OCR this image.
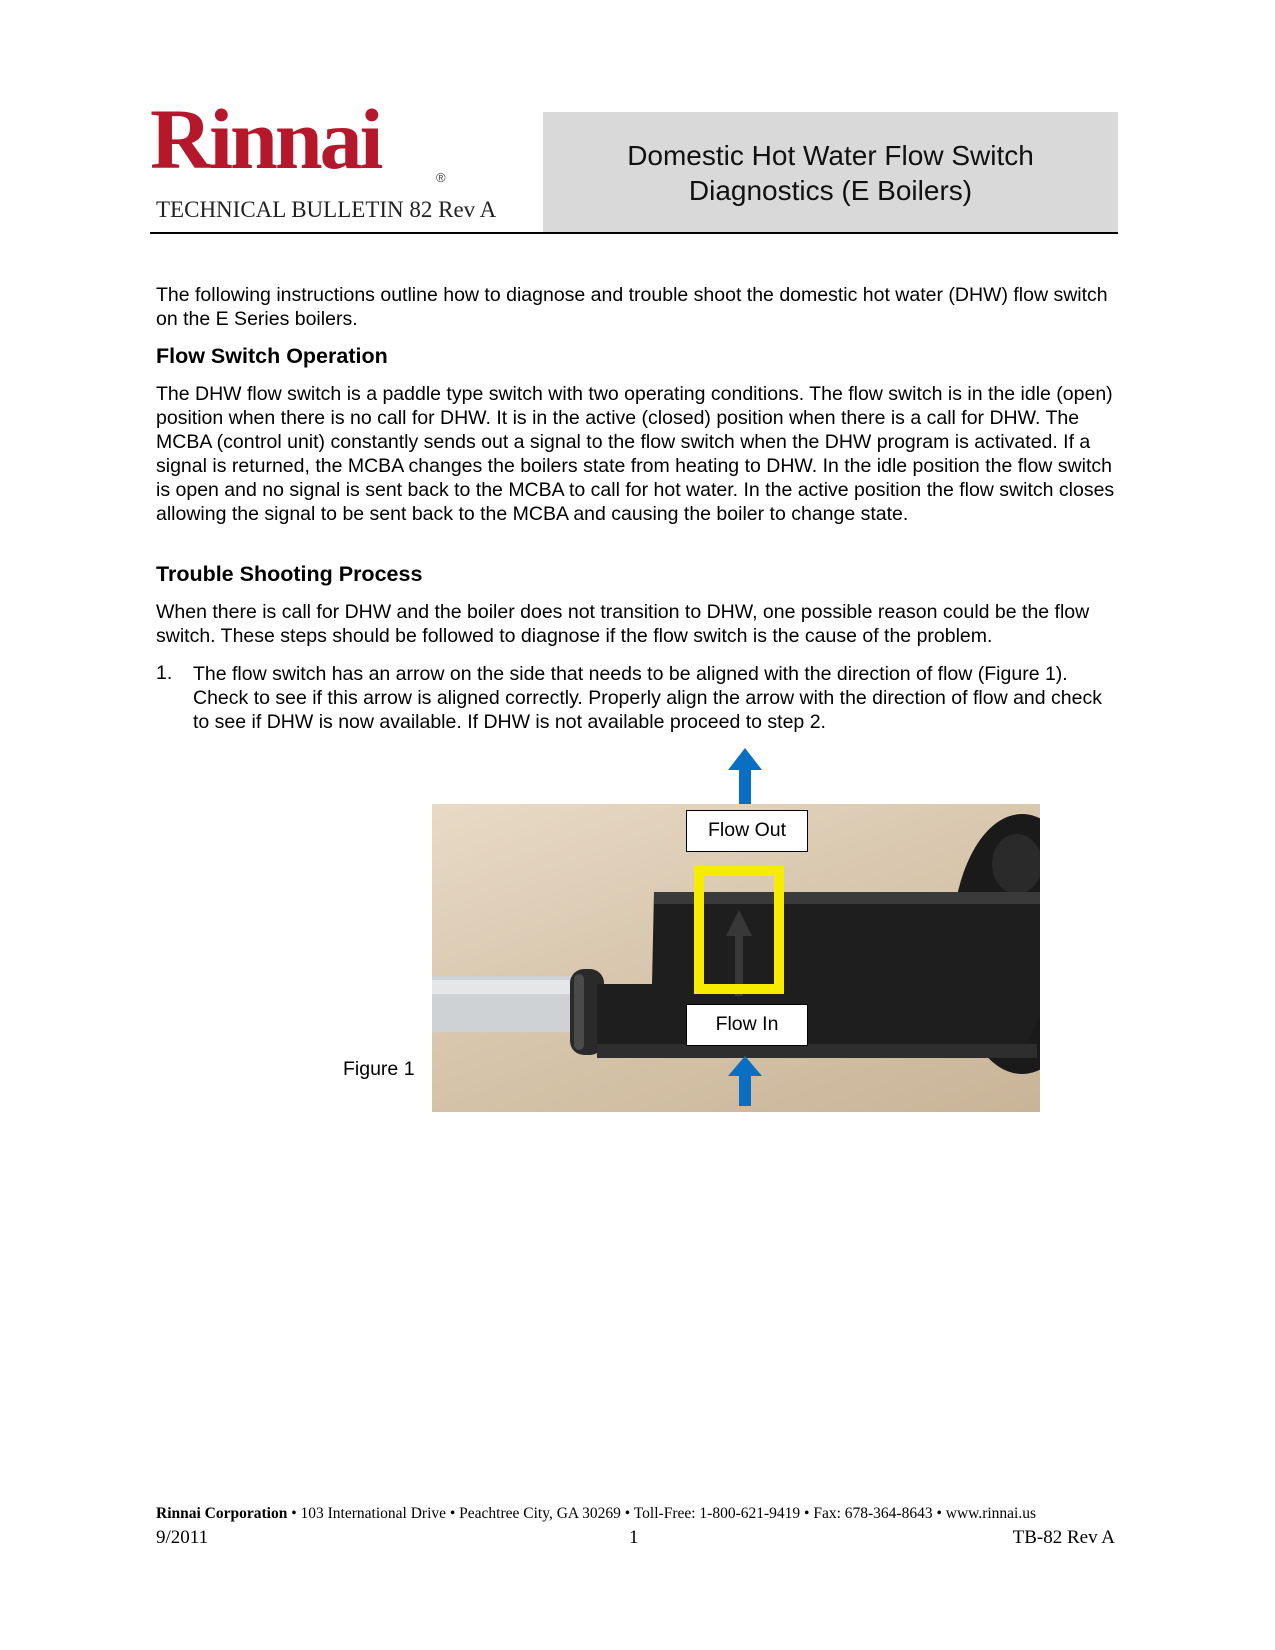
Rinnai	®
TECHNICAL BULLETIN 82 Rev A
Domestic Hot Water Flow Switch
Diagnostics (E Boilers)
The following instructions outline how to diagnose and trouble shoot the domestic hot water (DHW) flow switch on the E Series boilers.
Flow Switch Operation
The DHW flow switch is a paddle type switch with two operating conditions. The flow switch is in the idle (open) position when there is no call for DHW. It is in the active (closed) position when there is a call for DHW. The MCBA (control unit) constantly sends out a signal to the flow switch when the DHW program is activated. If a signal is returned, the MCBA changes the boilers state from heating to DHW. In the idle position the flow switch is open and no signal is sent back to the MCBA to call for hot water. In the active position the flow switch closes allowing the signal to be sent back to the MCBA and causing the boiler to change state.
Trouble Shooting Process
When there is call for DHW and the boiler does not transition to DHW, one possible reason could be the flow switch. These steps should be followed to diagnose if the flow switch is the cause of the problem.
1. The flow switch has an arrow on the side that needs to be aligned with the direction of flow (Figure 1). Check to see if this arrow is aligned correctly. Properly align the arrow with the direction of flow and check to see if DHW is now available. If DHW is not available proceed to step 2.
Figure 1
Flow Out
Flow In
Rinnai Corporation • 103 International Drive • Peachtree City, GA 30269 • Toll-Free: 1-800-621-9419 • Fax: 678-364-8643 • www.rinnai.us
9/2011	1	TB-82 Rev A
